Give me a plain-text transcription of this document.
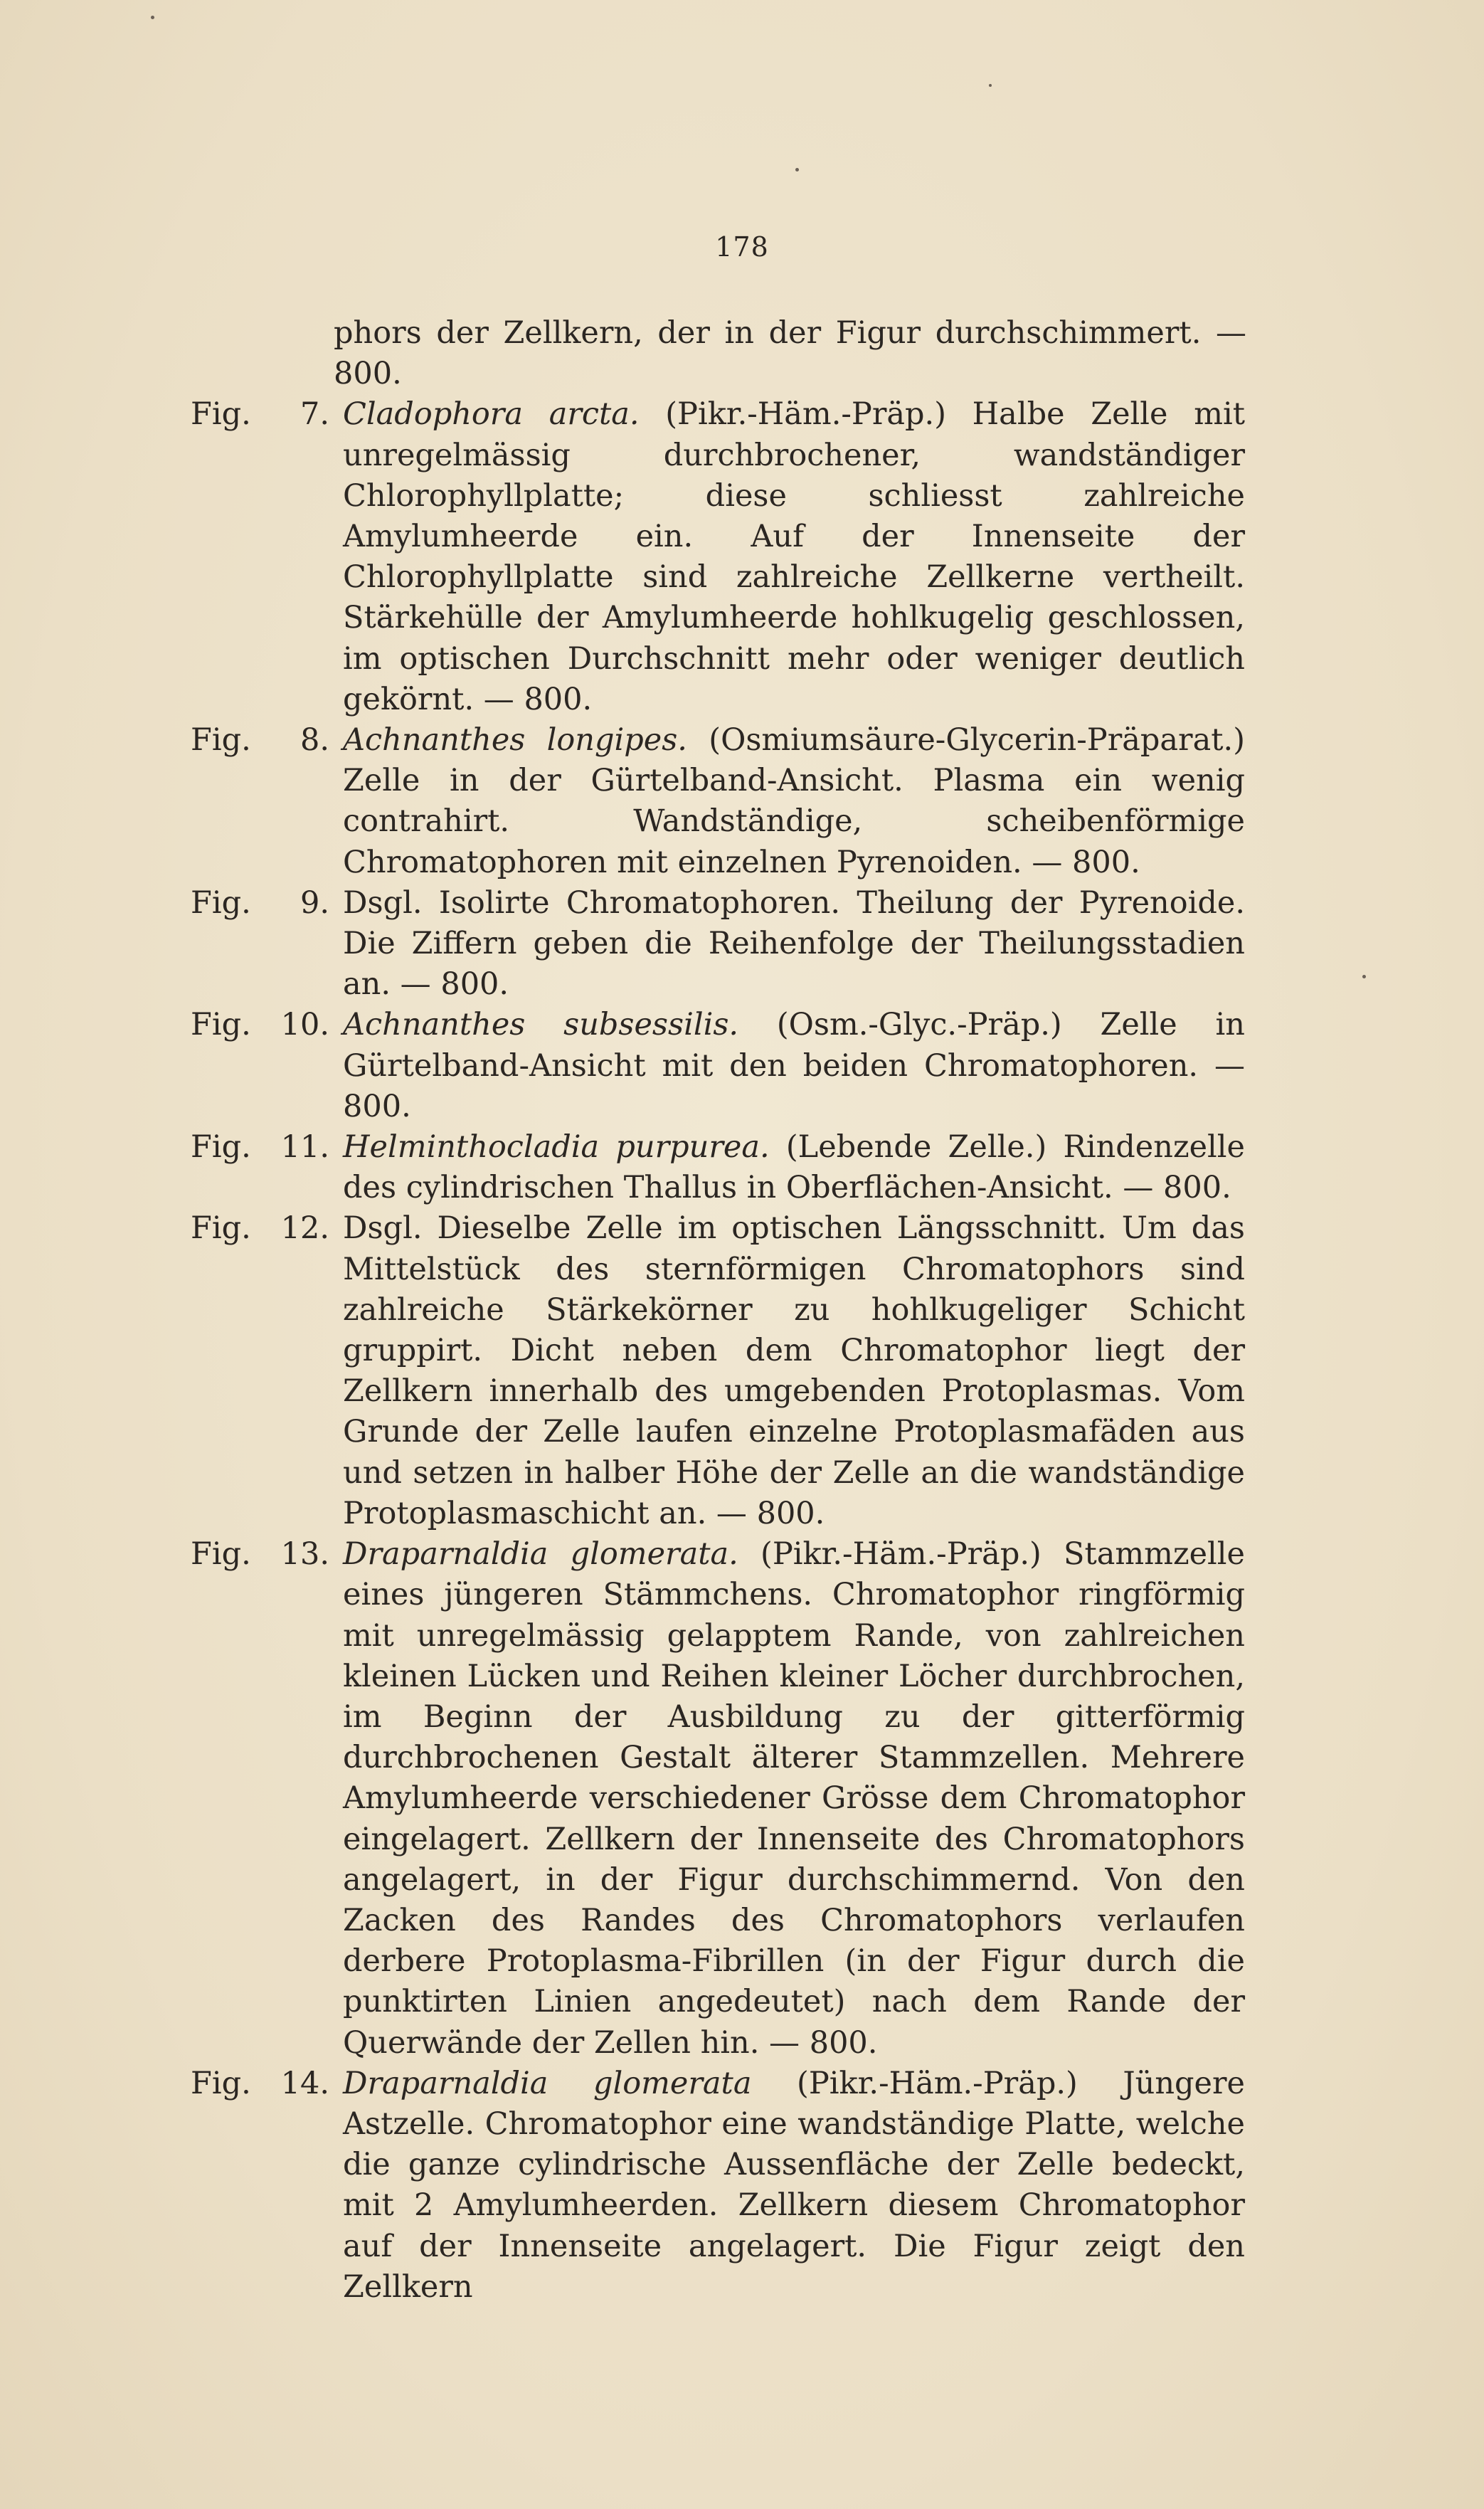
178
phors der Zellkern, der in der Figur durchschimmert. — 800.
Fig. 7. Cladophora arcta. (Pikr.-Häm.-Präp.) Halbe Zelle mit unregelmässig durchbrochener, wandständiger Chlorophyllplatte; diese schliesst zahlreiche Amylumheerde ein. Auf der Innenseite der Chlorophyllplatte sind zahlreiche Zellkerne vertheilt. Stärkehülle der Amylumheerde hohlkugelig geschlossen, im optischen Durchschnitt mehr oder weniger deutlich gekörnt. — 800.
Fig. 8. Achnanthes longipes. (Osmiumsäure-Glycerin-Präparat.) Zelle in der Gürtelband-Ansicht. Plasma ein wenig contrahirt. Wandständige, scheibenförmige Chromatophoren mit einzelnen Pyrenoiden. — 800.
Fig. 9. Dsgl. Isolirte Chromatophoren. Theilung der Pyrenoide. Die Ziffern geben die Reihenfolge der Theilungsstadien an. — 800.
Fig. 10. Achnanthes subsessilis. (Osm.-Glyc.-Präp.) Zelle in Gürtelband-Ansicht mit den beiden Chromatophoren. — 800.
Fig. 11. Helminthocladia purpurea. (Lebende Zelle.) Rindenzelle des cylindrischen Thallus in Oberflächen-Ansicht. — 800.
Fig. 12. Dsgl. Dieselbe Zelle im optischen Längsschnitt. Um das Mittelstück des sternförmigen Chromatophors sind zahlreiche Stärkekörner zu hohlkugeliger Schicht gruppirt. Dicht neben dem Chromatophor liegt der Zellkern innerhalb des umgebenden Protoplasmas. Vom Grunde der Zelle laufen einzelne Protoplasmafäden aus und setzen in halber Höhe der Zelle an die wandständige Protoplasmaschicht an. — 800.
Fig. 13. Draparnaldia glomerata. (Pikr.-Häm.-Präp.) Stammzelle eines jüngeren Stämmchens. Chromatophor ringförmig mit unregelmässig gelapptem Rande, von zahlreichen kleinen Lücken und Reihen kleiner Löcher durchbrochen, im Beginn der Ausbildung zu der gitterförmig durchbrochenen Gestalt älterer Stammzellen. Mehrere Amylumheerde verschiedener Grösse dem Chromatophor eingelagert. Zellkern der Innenseite des Chromatophors angelagert, in der Figur durchschimmernd. Von den Zacken des Randes des Chromatophors verlaufen derbere Protoplasma-Fibrillen (in der Figur durch die punktirten Linien angedeutet) nach dem Rande der Querwände der Zellen hin. — 800.
Fig. 14. Draparnaldia glomerata (Pikr.-Häm.-Präp.) Jüngere Astzelle. Chromatophor eine wandständige Platte, welche die ganze cylindrische Aussenfläche der Zelle bedeckt, mit 2 Amylumheerden. Zellkern diesem Chromatophor auf der Innenseite angelagert. Die Figur zeigt den Zellkern
